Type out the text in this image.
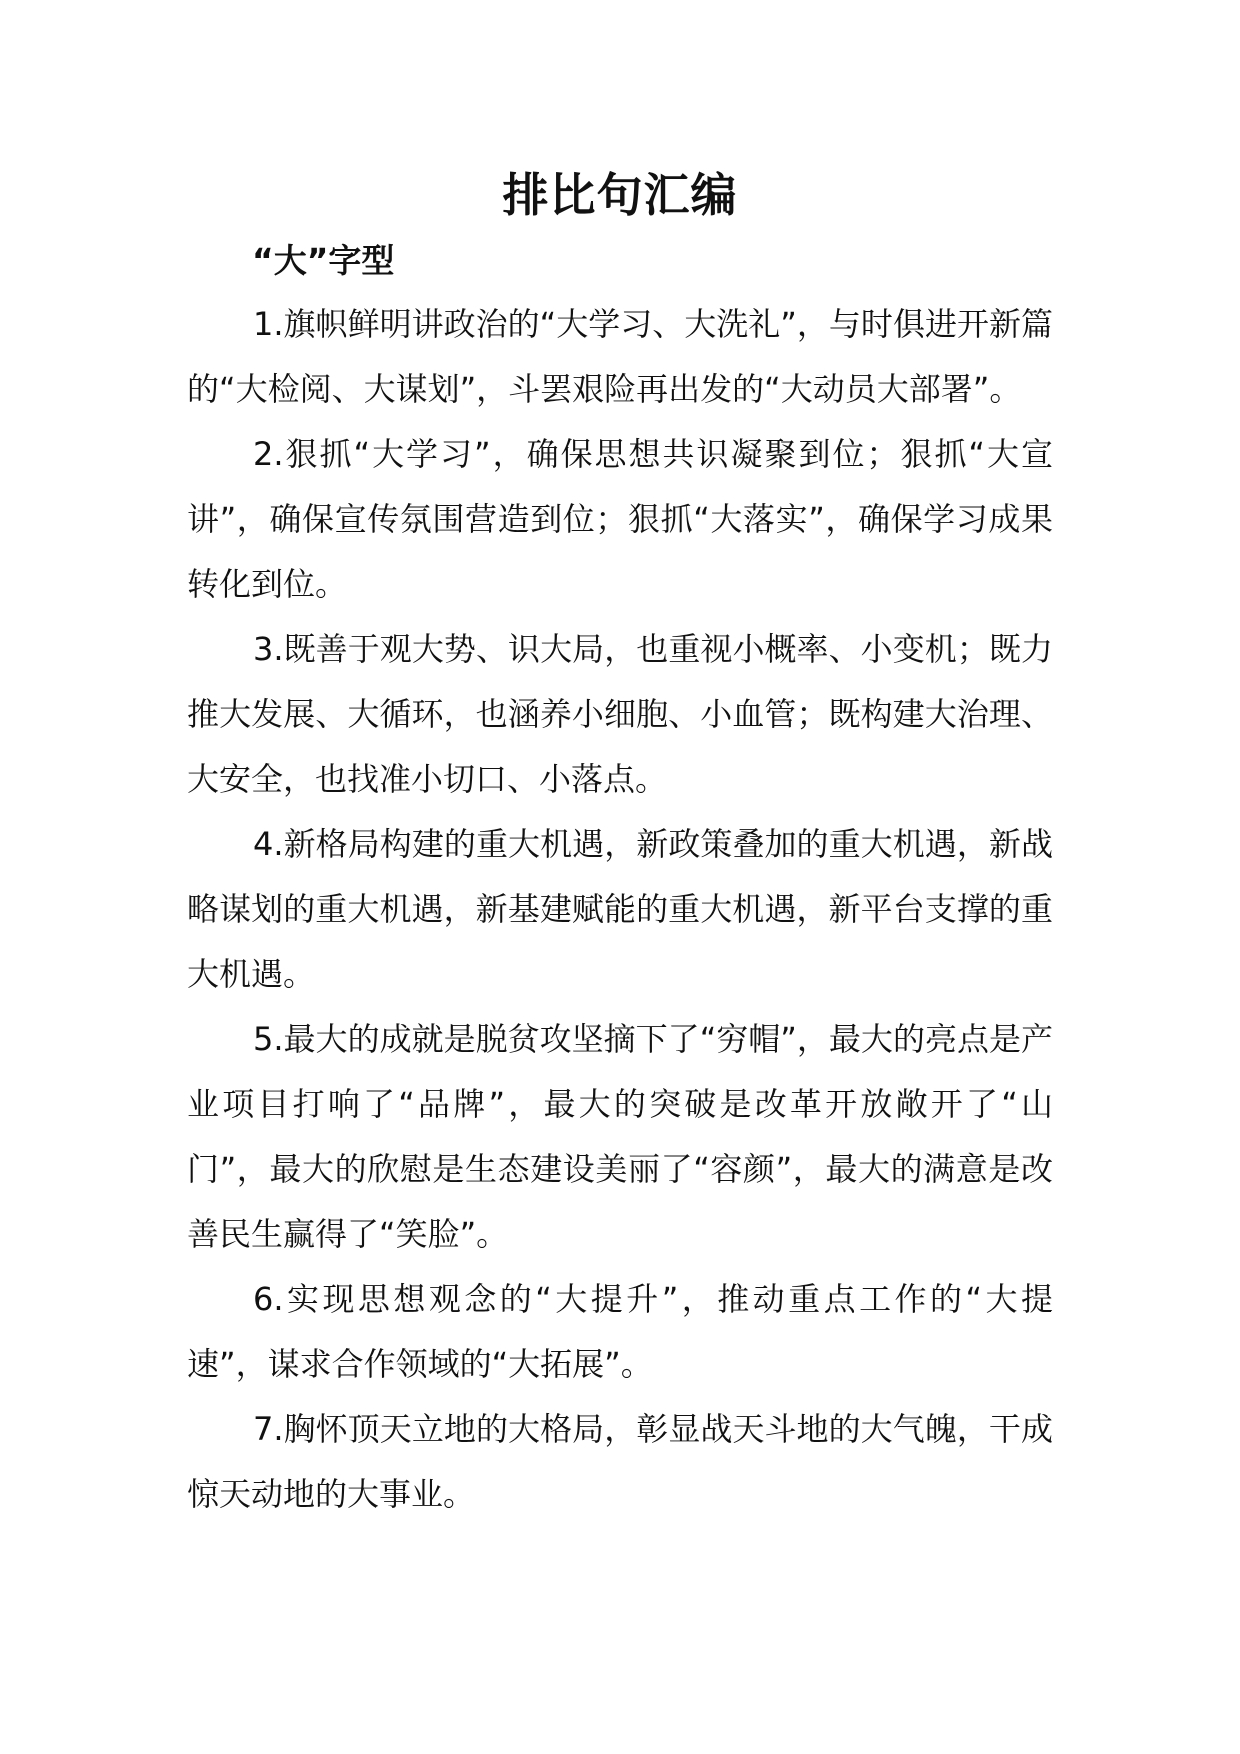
排比句汇编
“大”字型

1.旗帜鲜明讲政治的“大学习、大洗礼”，与时俱进开新篇的“大检阅、大谋划”，斗罢艰险再出发的“大动员大部署”。

2.狠抓“大学习”，确保思想共识凝聚到位；狠抓“大宣讲”，确保宣传氛围营造到位；狠抓“大落实”，确保学习成果转化到位。

3.既善于观大势、识大局，也重视小概率、小变机；既力推大发展、大循环，也涵养小细胞、小血管；既构建大治理、大安全，也找准小切口、小落点。

4.新格局构建的重大机遇，新政策叠加的重大机遇，新战略谋划的重大机遇，新基建赋能的重大机遇，新平台支撑的重大机遇。

5.最大的成就是脱贫攻坚摘下了“穷帽”，最大的亮点是产业项目打响了“品牌”，最大的突破是改革开放敞开了“山门”，最大的欣慰是生态建设美丽了“容颜”，最大的满意是改善民生赢得了“笑脸”。

6.实现思想观念的“大提升”，推动重点工作的“大提速”，谋求合作领域的“大拓展”。

7.胸怀顶天立地的大格局，彰显战天斗地的大气魄，干成惊天动地的大事业。
